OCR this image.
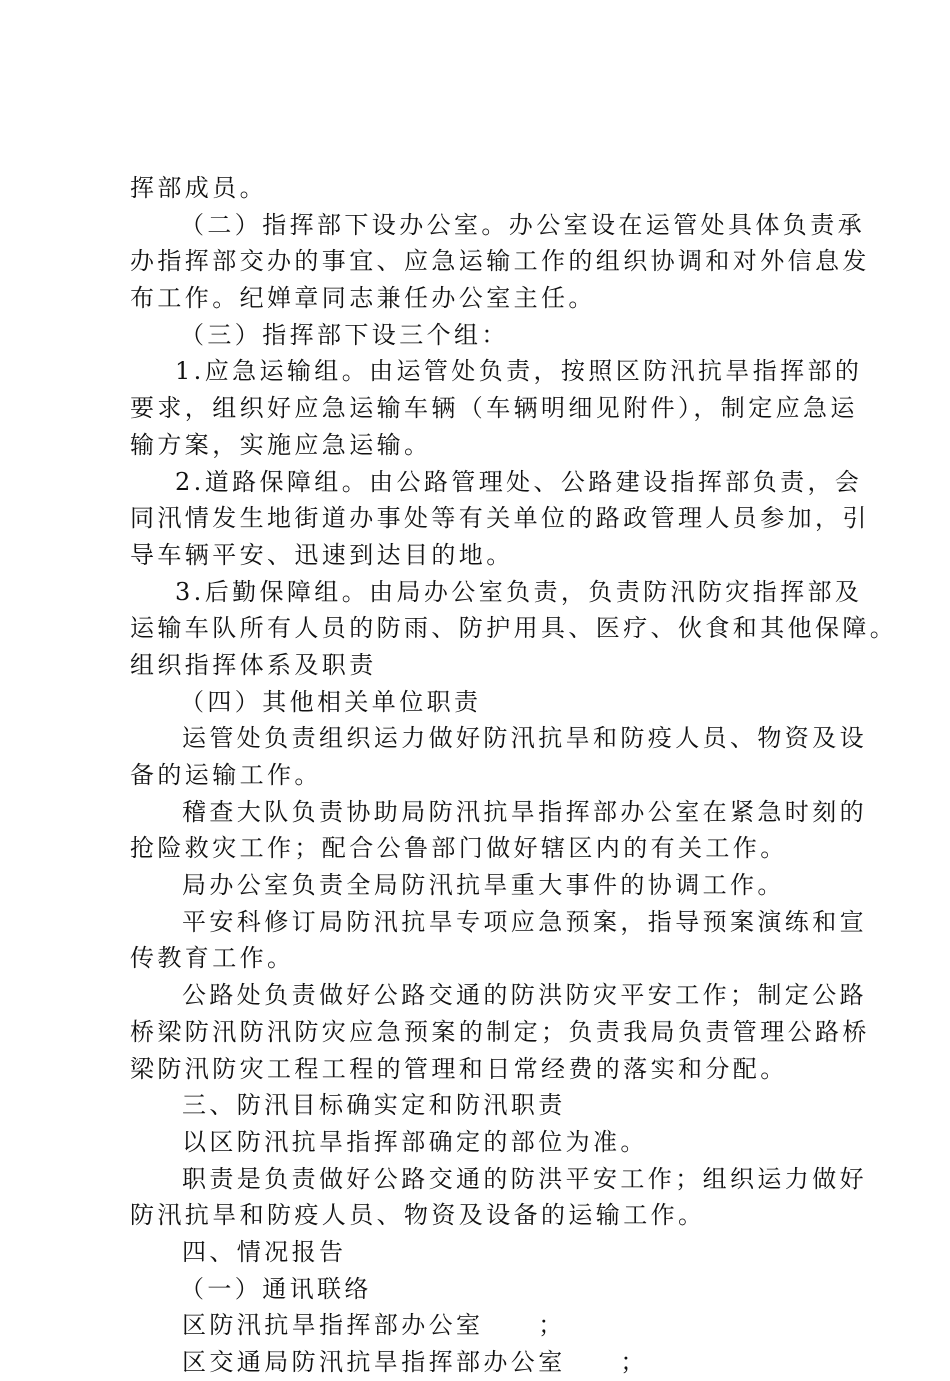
挥部成员。
（二）指挥部下设办公室。办公室设在运管处具体负责承
办指挥部交办的事宜、应急运输工作的组织协调和对外信息发
布工作。纪婵章同志兼任办公室主任。
（三）指挥部下设三个组：
1.应急运输组。由运管处负责，按照区防汛抗旱指挥部的
要求，组织好应急运输车辆（车辆明细见附件），制定应急运
输方案，实施应急运输。
2.道路保障组。由公路管理处、公路建设指挥部负责，会
同汛情发生地街道办事处等有关单位的路政管理人员参加，引
导车辆平安、迅速到达目的地。
3.后勤保障组。由局办公室负责，负责防汛防灾指挥部及
运输车队所有人员的防雨、防护用具、医疗、伙食和其他保障。
组织指挥体系及职责
（四）其他相关单位职责
运管处负责组织运力做好防汛抗旱和防疫人员、物资及设
备的运输工作。
稽查大队负责协助局防汛抗旱指挥部办公室在紧急时刻的
抢险救灾工作；配合公鲁部门做好辖区内的有关工作。
局办公室负责全局防汛抗旱重大事件的协调工作。
平安科修订局防汛抗旱专项应急预案，指导预案演练和宣
传教育工作。
公路处负责做好公路交通的防洪防灾平安工作；制定公路
桥梁防汛防汛防灾应急预案的制定；负责我局负责管理公路桥
梁防汛防灾工程工程的管理和日常经费的落实和分配。
三、防汛目标确实定和防汛职责
以区防汛抗旱指挥部确定的部位为准。
职责是负责做好公路交通的防洪平安工作；组织运力做好
防汛抗旱和防疫人员、物资及设备的运输工作。
四、情况报告
（一）通讯联络
区防汛抗旱指挥部办公室　　；
区交通局防汛抗旱指挥部办公室　　；
